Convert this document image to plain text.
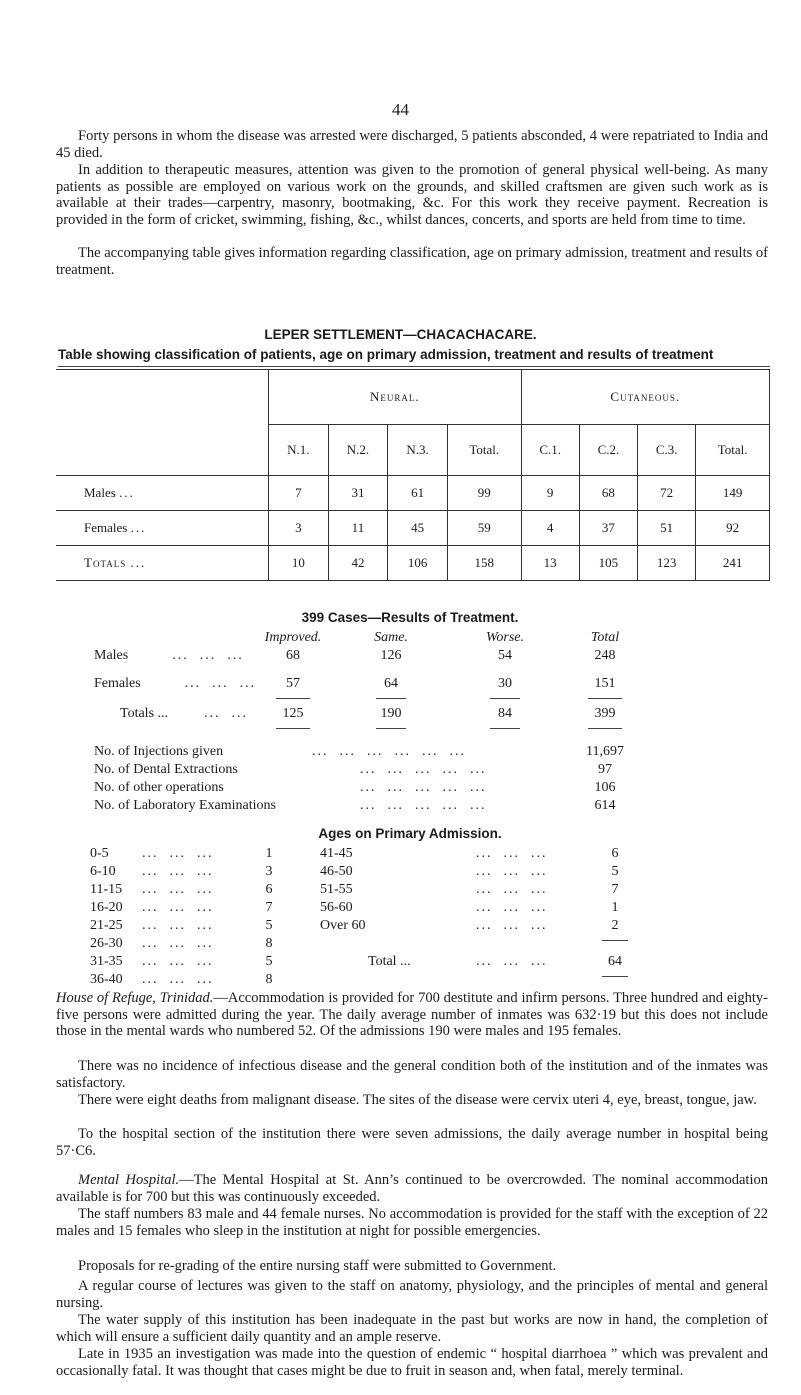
44

Forty persons in whom the disease was arrested were discharged, 5 patients absconded, 4 were repatriated to India and 45 died.

In addition to therapeutic measures, attention was given to the promotion of general physical well-being. As many patients as possible are employed on various work on the grounds, and skilled craftsmen are given such work as is available at their trades—carpentry, masonry, bootmaking, &c. For this work they receive payment. Recreation is provided in the form of cricket, swimming, fishing, &c., whilst dances, concerts, and sports are held from time to time.

The accompanying table gives information regarding classification, age on primary admission, treatment and results of treatment.

LEPER SETTLEMENT—CHACACHACARE.
Table showing classification of patients, age on primary admission, treatment and results of treatment
	Neural.				Cutaneous.			
	N.1.	N.2.	N.3.	Total.	C.1.	C.2.	C.3.	Total.
Males ...	7	31	61	99	9	68	72	149
Females ...	3	11	45	59	4	37	51	92
Totals ...	10	42	106	158	13	105	123	241
399 Cases—Results of Treatment.
Improved.	Same.	Worse.	Total
Males	...  ...  ...	68	126	54	248
Females	...  ...  ...	57	64	30	151
Totals ...	...  ...	125	190	84	399
No. of Injections given	...  ...  ...  ...  ...  ...	11,697
No. of Dental Extractions	...  ...  ...  ...  ...	97
No. of other operations	...  ...  ...  ...  ...	106
No. of Laboratory Examinations	...  ...  ...  ...  ...	614
Ages on Primary Admission.
0-5 ...  ...  ...	1
6-10 ...  ...  ...	3
11-15 ...  ...  ...	6
16-20 ...  ...  ...	7
21-25 ...  ...  ...	5
26-30 ...  ...  ...	8
31-35 ...  ...  ...	5
36-40 ...  ...  ...	8
41-45	...  ...  ...	6
46-50	...  ...  ...	5
51-55	...  ...  ...	7
56-60	...  ...  ...	1
Over 60	...  ...  ...	2
Total ...	...  ...  ...	64

House of Refuge, Trinidad.—Accommodation is provided for 700 destitute and infirm persons. Three hundred and eighty-five persons were admitted during the year. The daily average number of inmates was 632·19 but this does not include those in the mental wards who numbered 52. Of the admissions 190 were males and 195 females.

There was no incidence of infectious disease and the general condition both of the institution and of the inmates was satisfactory.

There were eight deaths from malignant disease. The sites of the disease were cervix uteri 4, eye, breast, tongue, jaw.

To the hospital section of the institution there were seven admissions, the daily average number in hospital being 57·C6.

Mental Hospital.—The Mental Hospital at St. Ann’s continued to be overcrowded. The nominal accommodation available is for 700 but this was continuously exceeded.

The staff numbers 83 male and 44 female nurses. No accommodation is provided for the staff with the exception of 22 males and 15 females who sleep in the institution at night for possible emergencies.

Proposals for re-grading of the entire nursing staff were submitted to Government.

A regular course of lectures was given to the staff on anatomy, physiology, and the principles of mental and general nursing.

The water supply of this institution has been inadequate in the past but works are now in hand, the completion of which will ensure a sufficient daily quantity and an ample reserve.

Late in 1935 an investigation was made into the question of endemic “ hospital diarrhoea ” which was prevalent and occasionally fatal. It was thought that cases might be due to fruit in season and, when fatal, merely terminal.
